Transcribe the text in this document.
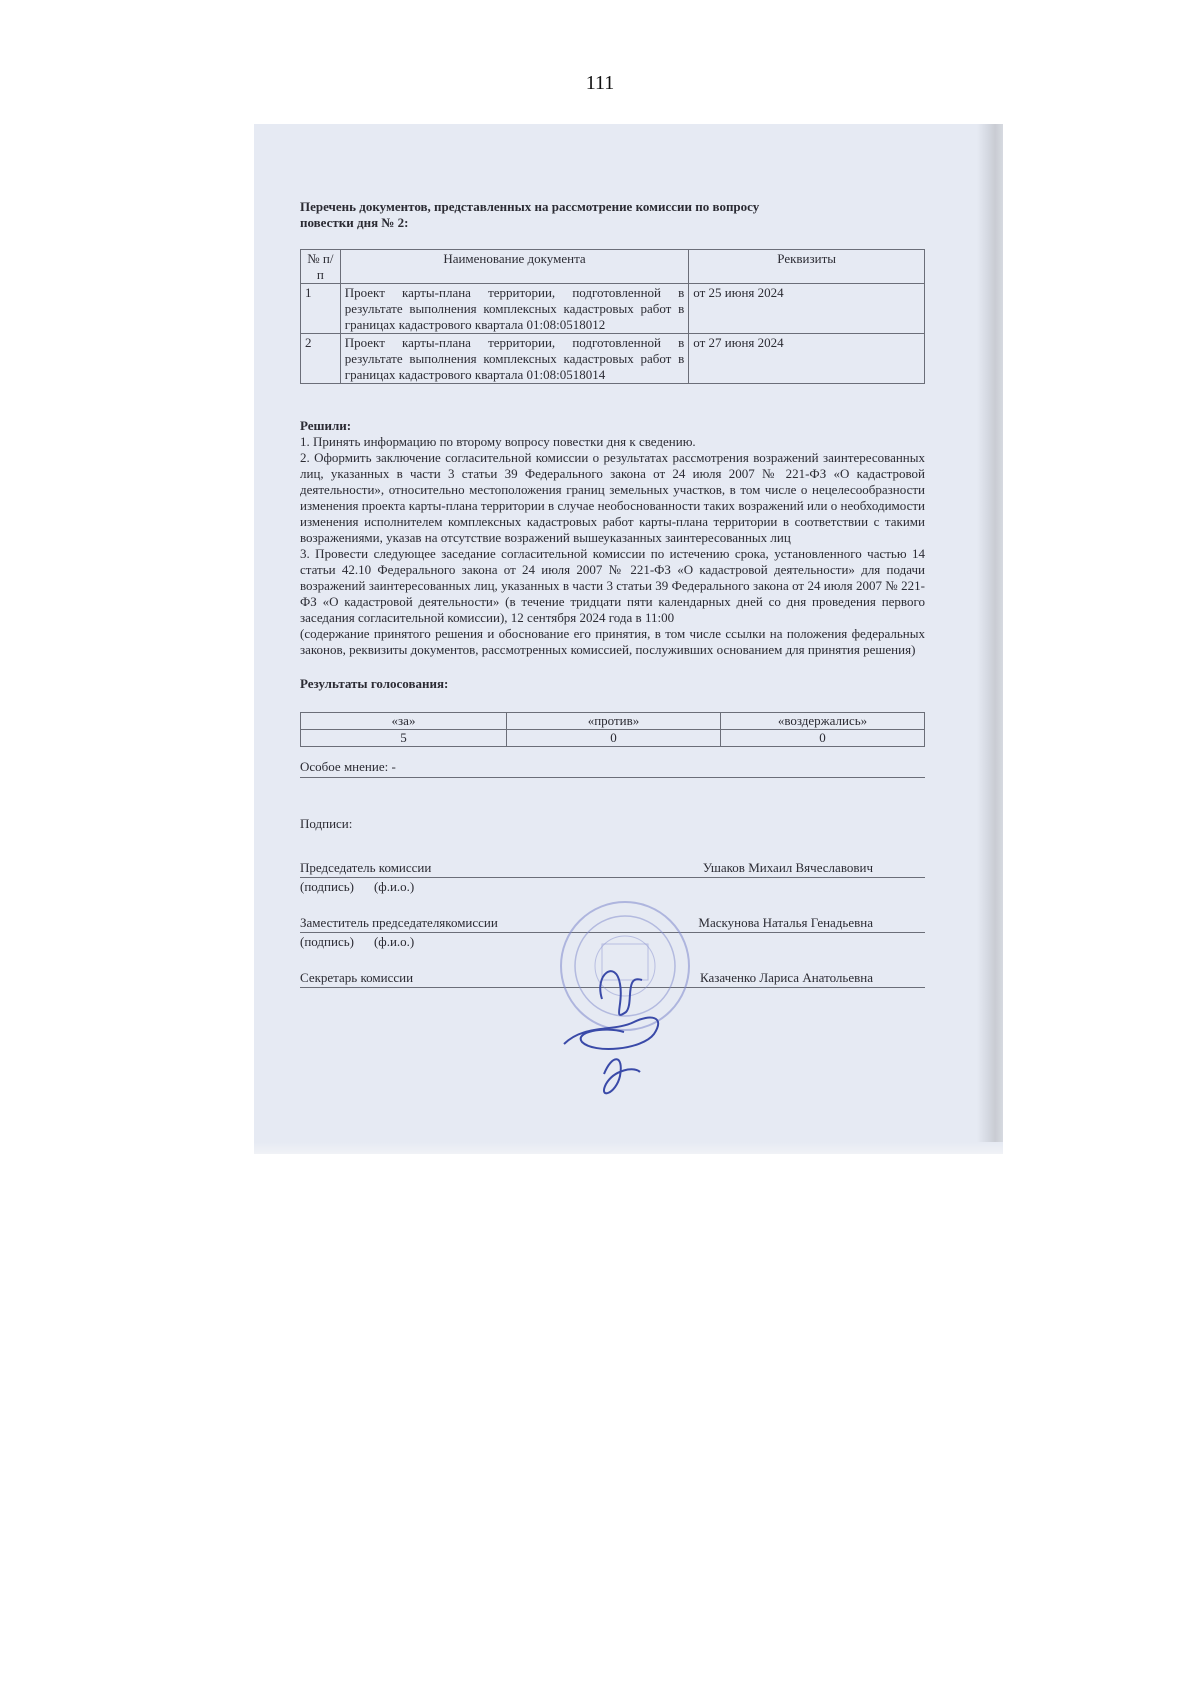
111

Перечень документов, представленных на рассмотрение комиссии по вопросу
повестки дня № 2:

№ п/п	Наименование документа	Реквизиты
1	Проект карты-плана территории, подготовленной в результате выполнения комплексных кадастровых работ в границах кадастрового квартала 01:08:0518012	от 25 июня 2024
2	Проект карты-плана территории, подготовленной в результате выполнения комплексных кадастровых работ в границах кадастрового квартала 01:08:0518014	от 27 июня 2024
Решили:

1. Принять информацию по второму вопросу повестки дня к сведению.

2. Оформить заключение согласительной комиссии о результатах рассмотрения возражений заинтересованных лиц, указанных в части 3 статьи 39 Федерального закона от 24 июля 2007 № 221-ФЗ «О кадастровой деятельности», относительно местоположения границ земельных участков, в том числе о нецелесообразности изменения проекта карты-плана территории в случае необоснованности таких возражений или о необходимости изменения исполнителем комплексных кадастровых работ карты-плана территории в соответствии с такими возражениями, указав на отсутствие возражений вышеуказанных заинтересованных лиц

3. Провести следующее заседание согласительной комиссии по истечению срока, установленного частью 14 статьи 42.10 Федерального закона от 24 июля 2007 № 221-ФЗ «О кадастровой деятельности» для подачи возражений заинтересованных лиц, указанных в части 3 статьи 39 Федерального закона от 24 июля 2007 № 221-ФЗ «О кадастровой деятельности» (в течение тридцати пяти календарных дней со дня проведения первого заседания согласительной комиссии), 12 сентября 2024 года в 11:00

(содержание принятого решения и обоснование его принятия, в том числе ссылки на положения федеральных законов, реквизиты документов, рассмотренных комиссией, послуживших основанием для принятия решения)

Результаты голосования:
«за»	«против»	«воздержались»
5	0	0
Особое мнение: -
Подписи:
Председатель комиссии	Ушаков Михаил Вячеславович
(подпись) (ф.и.о.)
Заместитель председателякомиссии	Маскунова Наталья Генадьевна
(подпись) (ф.и.о.)
Секретарь комиссии	Казаченко Лариса Анатольевна
